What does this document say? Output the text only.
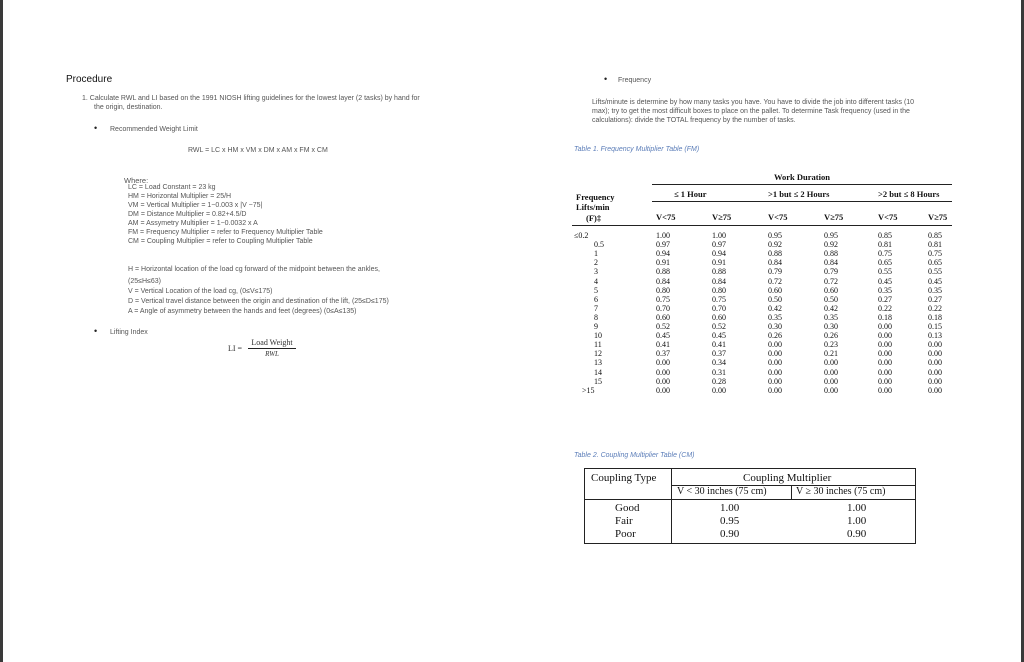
Procedure
1. Calculate RWL and LI based on the 1991 NIOSH lifting guidelines for the lowest layer (2 tasks) by hand for
the origin, destination.
• Recommended Weight Limit
RWL = LC x HM x VM x DM x AM x FM x CM
Where:
LC = Load Constant = 23 kg
HM = Horizontal Multiplier = 25/H
VM = Vertical Multiplier = 1−0.003 x |V −75|
DM = Distance Multiplier = 0.82+4.5/D
AM = Assymetry Multiplier = 1−0.0032 x A
FM = Frequency Multiplier = refer to Frequency Multiplier Table
CM = Coupling Multiplier = refer to Coupling Multiplier Table
H = Horizontal location of the load cg forward of the midpoint between the ankles,
(25≤H≤63)
V = Vertical Location of the load cg, (0≤V≤175)
D = Vertical travel distance between the origin and destination of the lift, (25≤D≤175)
A = Angle of asymmetry between the hands and feet (degrees) (0≤A≤135)
• Lifting Index
LI =
Load Weight
RWL
• Frequency
Lifts/minute is determine by how many tasks you have. You have to divide the job into different tasks (10
max); try to get the most difficult boxes to place on the pallet. To determine Task frequency (used in the
calculations): divide the TOTAL frequency by the number of tasks.
Table 1. Frequency Multiplier Table (FM)
Work Duration
Frequency
Lifts/min
(F)‡
≤ 1 Hour	>1 but ≤ 2 Hours	>2 but ≤ 8 Hours
V<75	V≥75	V<75	V≥75	V<75	V≥75
≤0.2	1.00	1.00	0.95	0.95	0.85	0.85
0.5	0.97	0.97	0.92	0.92	0.81	0.81
1	0.94	0.94	0.88	0.88	0.75	0.75
2	0.91	0.91	0.84	0.84	0.65	0.65
3	0.88	0.88	0.79	0.79	0.55	0.55
4	0.84	0.84	0.72	0.72	0.45	0.45
5	0.80	0.80	0.60	0.60	0.35	0.35
6	0.75	0.75	0.50	0.50	0.27	0.27
7	0.70	0.70	0.42	0.42	0.22	0.22
8	0.60	0.60	0.35	0.35	0.18	0.18
9	0.52	0.52	0.30	0.30	0.00	0.15
10	0.45	0.45	0.26	0.26	0.00	0.13
11	0.41	0.41	0.00	0.23	0.00	0.00
12	0.37	0.37	0.00	0.21	0.00	0.00
13	0.00	0.34	0.00	0.00	0.00	0.00
14	0.00	0.31	0.00	0.00	0.00	0.00
15	0.00	0.28	0.00	0.00	0.00	0.00
>15	0.00	0.00	0.00	0.00	0.00	0.00
Table 2. Coupling Multiplier Table (CM)
Coupling Type	Coupling Multiplier
V < 30 inches (75 cm)	V ≥ 30 inches (75 cm)
Good	1.00	1.00
Fair	0.95	1.00
Poor	0.90	0.90
